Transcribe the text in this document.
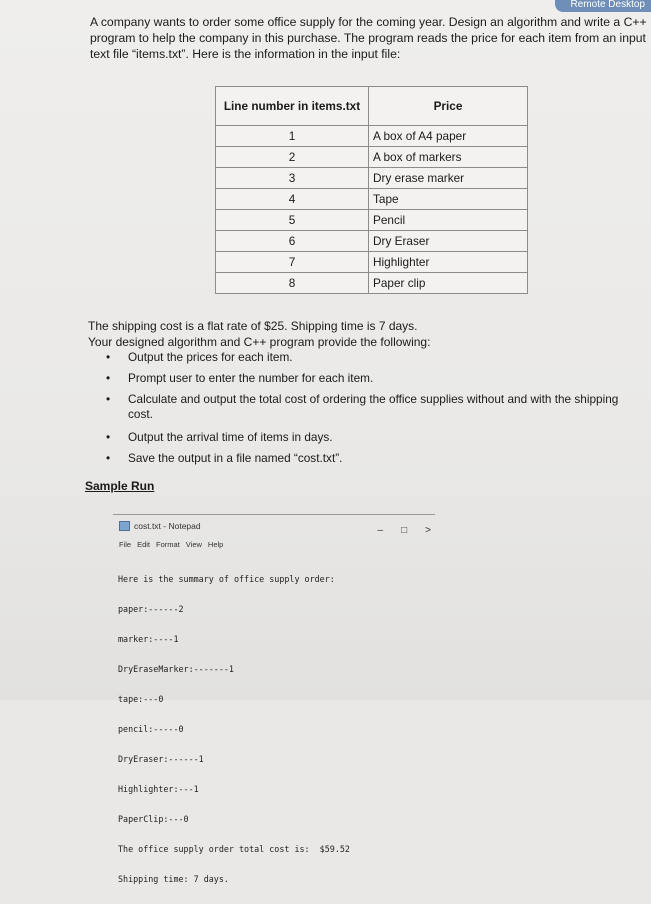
Remote Desktop
A company wants to order some office supply for the coming year. Design an algorithm and write a C++ program to help the company in this purchase. The program reads the price for each item from an input text file “items.txt”. Here is the information in the input file:
Line number in items.txt	Price
1	A box of A4 paper
2	A box of markers
3	Dry erase marker
4	Tape
5	Pencil
6	Dry Eraser
7	Highlighter
8	Paper clip
The shipping cost is a flat rate of $25. Shipping time is 7 days.
Your designed algorithm and C++ program provide the following:
• Output the prices for each item.
• Prompt user to enter the number for each item.
• Calculate and output the total cost of ordering the office supplies without and with the shipping cost.
• Output the arrival time of items in days.
• Save the output in a file named “cost.txt”.
Sample Run
cost.txt - Notepad	– □ >
File Edit Format View Help

Here is the summary of office supply order:

paper:------2

marker:----1

DryEraseMarker:-------1

tape:---0

pencil:-----0

DryEraser:------1

Highlighter:---1

PaperClip:---0

The office supply order total cost is:  $59.52

Shipping time: 7 days.
